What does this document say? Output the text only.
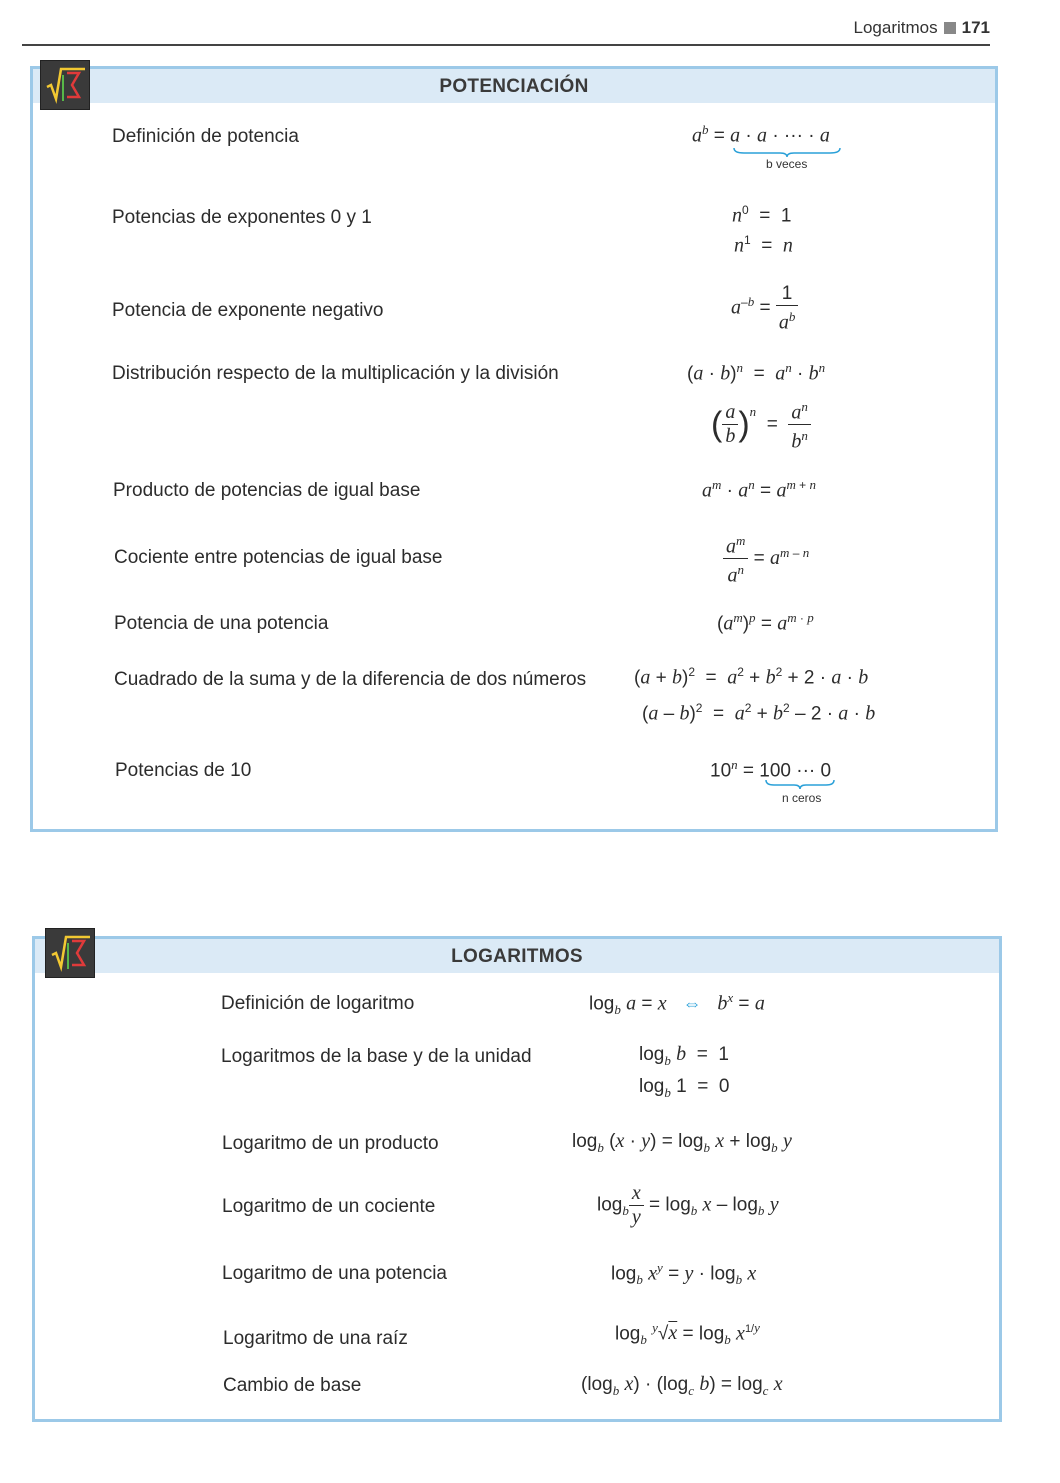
Logaritmos 171
POTENCIACIÓN
Definición de potencia
Potencias de exponentes 0 y 1
Potencia de exponente negativo
Distribución respecto de la multiplicación y la división
Producto de potencias de igual base
Cociente entre potencias de igual base
Potencia de una potencia
Cuadrado de la suma y de la diferencia de dos números
Potencias de 10
$a^b = a \cdot a$ · ··· · a
b veces
$n^0 = 1$
$n^1 = n$
$a^{-b} = \frac{1}{a^b}$
$(a \cdot b)^n = a^n \cdot b^n$
( $\frac{a}{b} )^n = \frac{a^n}{b^n}$
$a^m \cdot a^n = a^{m + n}$
$\frac{a^m}{a^n} = a^{m - n}$
$(a^m)^p = a^{m \cdot p}$
$(a + b)^2 = a^2 + b^2 + 2 \cdot a \cdot b$
$(a - b)^2 = a^2 + b^2 - 2 \cdot a \cdot b$
$10^n = 100$ ··· 0
n ceros
LOGARITMOS
Definición de logaritmo
Logaritmos de la base y de la unidad
Logaritmo de un producto
Logaritmo de un cociente
Logaritmo de una potencia
Logaritmo de una raíz
Cambio de base
$\log_b a = x$ ⇔ $b^x = a$
$\log_b b = 1$
$\log_b 1 = 0$
$\log_b (x \cdot y) = \log_b x + \log_b y$
$\log_b \frac{x}{y} = \log_b x - \log_b y$
$\log_b x^y = y \cdot \log_b x$
$\log_b ^y√x = \log_b x^{1/y}$
($\log_b$ $x) \cdot (\log_c$ $b) = \log_c x$
